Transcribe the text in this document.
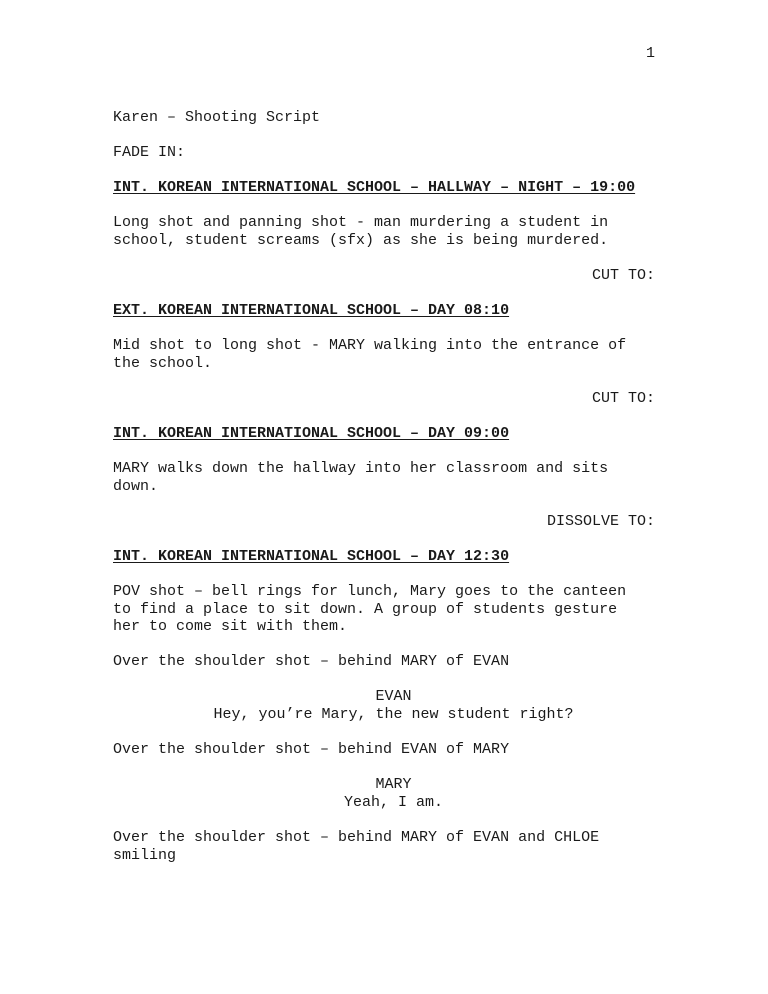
1
Karen – Shooting Script
FADE IN:
INT. KOREAN INTERNATIONAL SCHOOL – HALLWAY – NIGHT – 19:00
Long shot and panning shot - man murdering a student in
school, student screams (sfx) as she is being murdered.
CUT TO:
EXT. KOREAN INTERNATIONAL SCHOOL – DAY 08:10
Mid shot to long shot - MARY walking into the entrance of
the school.
CUT TO:
INT. KOREAN INTERNATIONAL SCHOOL – DAY 09:00
MARY walks down the hallway into her classroom and sits
down.
DISSOLVE TO:
INT. KOREAN INTERNATIONAL SCHOOL – DAY 12:30
POV shot – bell rings for lunch, Mary goes to the canteen
to find a place to sit down. A group of students gesture
her to come sit with them.
Over the shoulder shot – behind MARY of EVAN
EVAN
Hey, you’re Mary, the new student right?
Over the shoulder shot – behind EVAN of MARY
MARY
Yeah, I am.
Over the shoulder shot – behind MARY of EVAN and CHLOE
smiling
